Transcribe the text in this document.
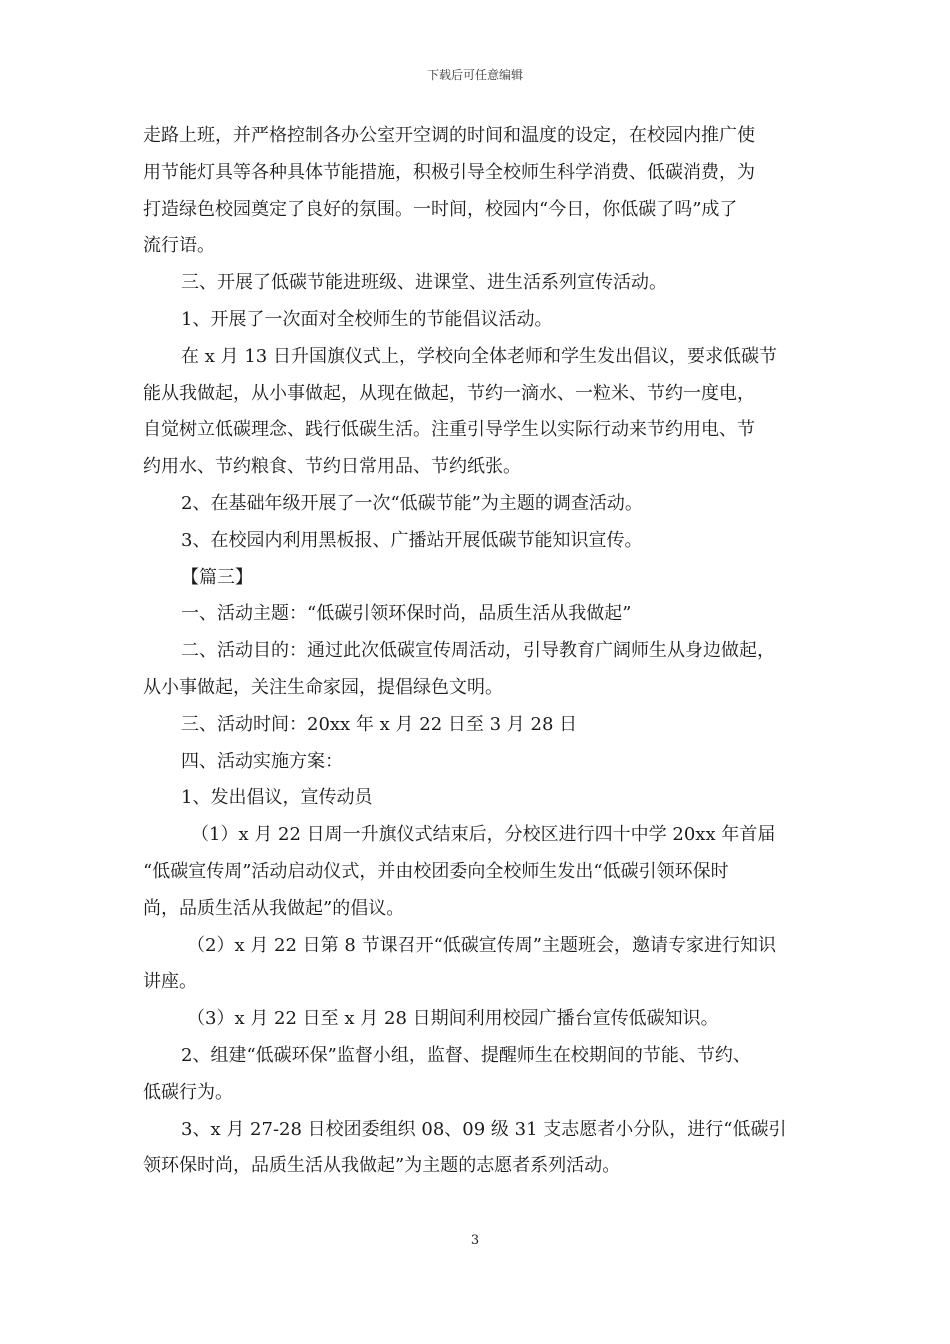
下载后可任意编辑
走路上班，并严格控制各办公室开空调的时间和温度的设定，在校园内推广使
用节能灯具等各种具体节能措施，积极引导全校师生科学消费、低碳消费，为
打造绿色校园奠定了良好的氛围。一时间，校园内“今日，你低碳了吗”成了
流行语。
三、开展了低碳节能进班级、进课堂、进生活系列宣传活动。
1、开展了一次面对全校师生的节能倡议活动。
在 x 月 13 日升国旗仪式上，学校向全体老师和学生发出倡议，要求低碳节
能从我做起，从小事做起，从现在做起，节约一滴水、一粒米、节约一度电，
自觉树立低碳理念、践行低碳生活。注重引导学生以实际行动来节约用电、节
约用水、节约粮食、节约日常用品、节约纸张。
2、在基础年级开展了一次“低碳节能”为主题的调查活动。
3、在校园内利用黑板报、广播站开展低碳节能知识宣传。
【篇三】
一、活动主题：“低碳引领环保时尚，品质生活从我做起”
二、活动目的：通过此次低碳宣传周活动，引导教育广阔师生从身边做起，
从小事做起，关注生命家园，提倡绿色文明。
三、活动时间：20xx 年 x 月 22 日至 3 月 28 日
四、活动实施方案：
1、发出倡议，宣传动员
（1）x 月 22 日周一升旗仪式结束后，分校区进行四十中学 20xx 年首届
“低碳宣传周”活动启动仪式，并由校团委向全校师生发出“低碳引领环保时
尚，品质生活从我做起”的倡议。
（2）x 月 22 日第 8 节课召开“低碳宣传周”主题班会，邀请专家进行知识
讲座。
（3）x 月 22 日至 x 月 28 日期间利用校园广播台宣传低碳知识。
2、组建“低碳环保”监督小组，监督、提醒师生在校期间的节能、节约、
低碳行为。
3、x 月 27-28 日校团委组织 08、09 级 31 支志愿者小分队，进行“低碳引
领环保时尚，品质生活从我做起”为主题的志愿者系列活动。
3
